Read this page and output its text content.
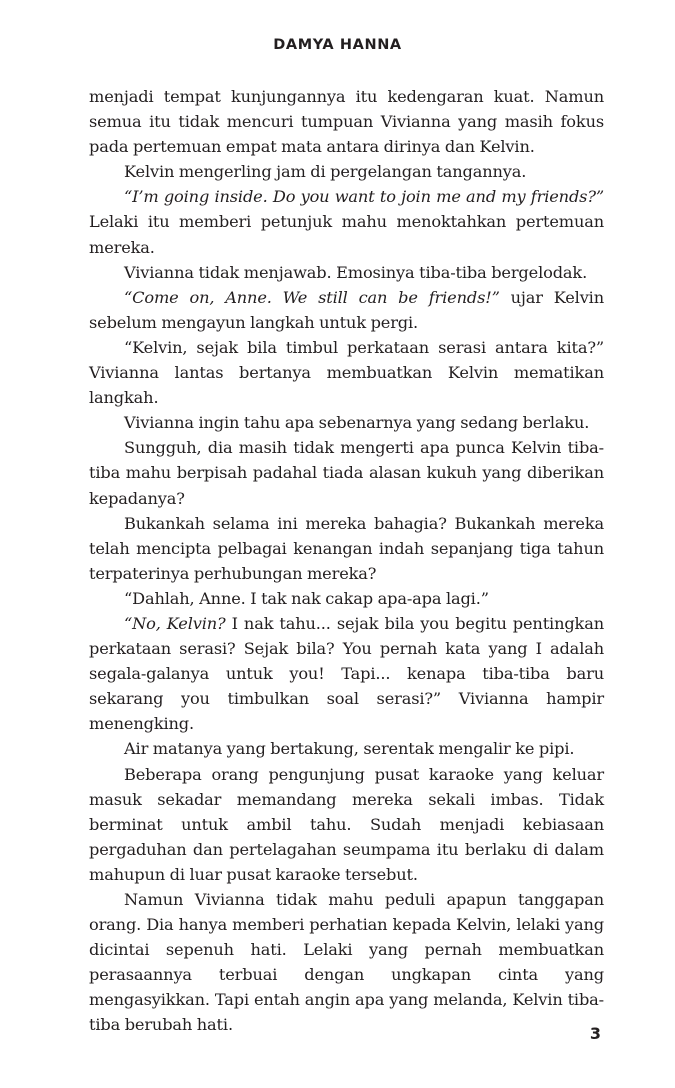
DAMYA HANNA

menjadi tempat kunjungannya itu kedengaran kuat. Namun semua itu tidak mencuri tumpuan Vivianna yang masih fokus pada pertemuan empat mata antara dirinya dan Kelvin.

Kelvin mengerling jam di pergelangan tangannya.

“I’m going inside. Do you want to join me and my friends?” Lelaki itu memberi petunjuk mahu menoktahkan pertemuan mereka.

Vivianna tidak menjawab. Emosinya tiba-tiba bergelodak.

“Come on, Anne. We still can be friends!” ujar Kelvin sebelum mengayun langkah untuk pergi.

“Kelvin, sejak bila timbul perkataan serasi antara kita?” Vivianna lantas bertanya membuatkan Kelvin mematikan langkah.

Vivianna ingin tahu apa sebenarnya yang sedang berlaku.

Sungguh, dia masih tidak mengerti apa punca Kelvin tiba-tiba mahu berpisah padahal tiada alasan kukuh yang diberikan kepadanya?

Bukankah selama ini mereka bahagia? Bukankah mereka telah mencipta pelbagai kenangan indah sepanjang tiga tahun terpaterinya perhubungan mereka?

“Dahlah, Anne. I tak nak cakap apa-apa lagi.”

“No, Kelvin? I nak tahu... sejak bila you begitu pentingkan perkataan serasi? Sejak bila? You pernah kata yang I adalah segala-galanya untuk you! Tapi... kenapa tiba-tiba baru sekarang you timbulkan soal serasi?” Vivianna hampir menengking.

Air matanya yang bertakung, serentak mengalir ke pipi.

Beberapa orang pengunjung pusat karaoke yang keluar masuk sekadar memandang mereka sekali imbas. Tidak berminat untuk ambil tahu. Sudah menjadi kebiasaan pergaduhan dan pertelagahan seumpama itu berlaku di dalam mahupun di luar pusat karaoke tersebut.

Namun Vivianna tidak mahu peduli apapun tanggapan orang. Dia hanya memberi perhatian kepada Kelvin, lelaki yang dicintai sepenuh hati. Lelaki yang pernah membuatkan perasaannya terbuai dengan ungkapan cinta yang mengasyikkan. Tapi entah angin apa yang melanda, Kelvin tiba-tiba berubah hati.	3
